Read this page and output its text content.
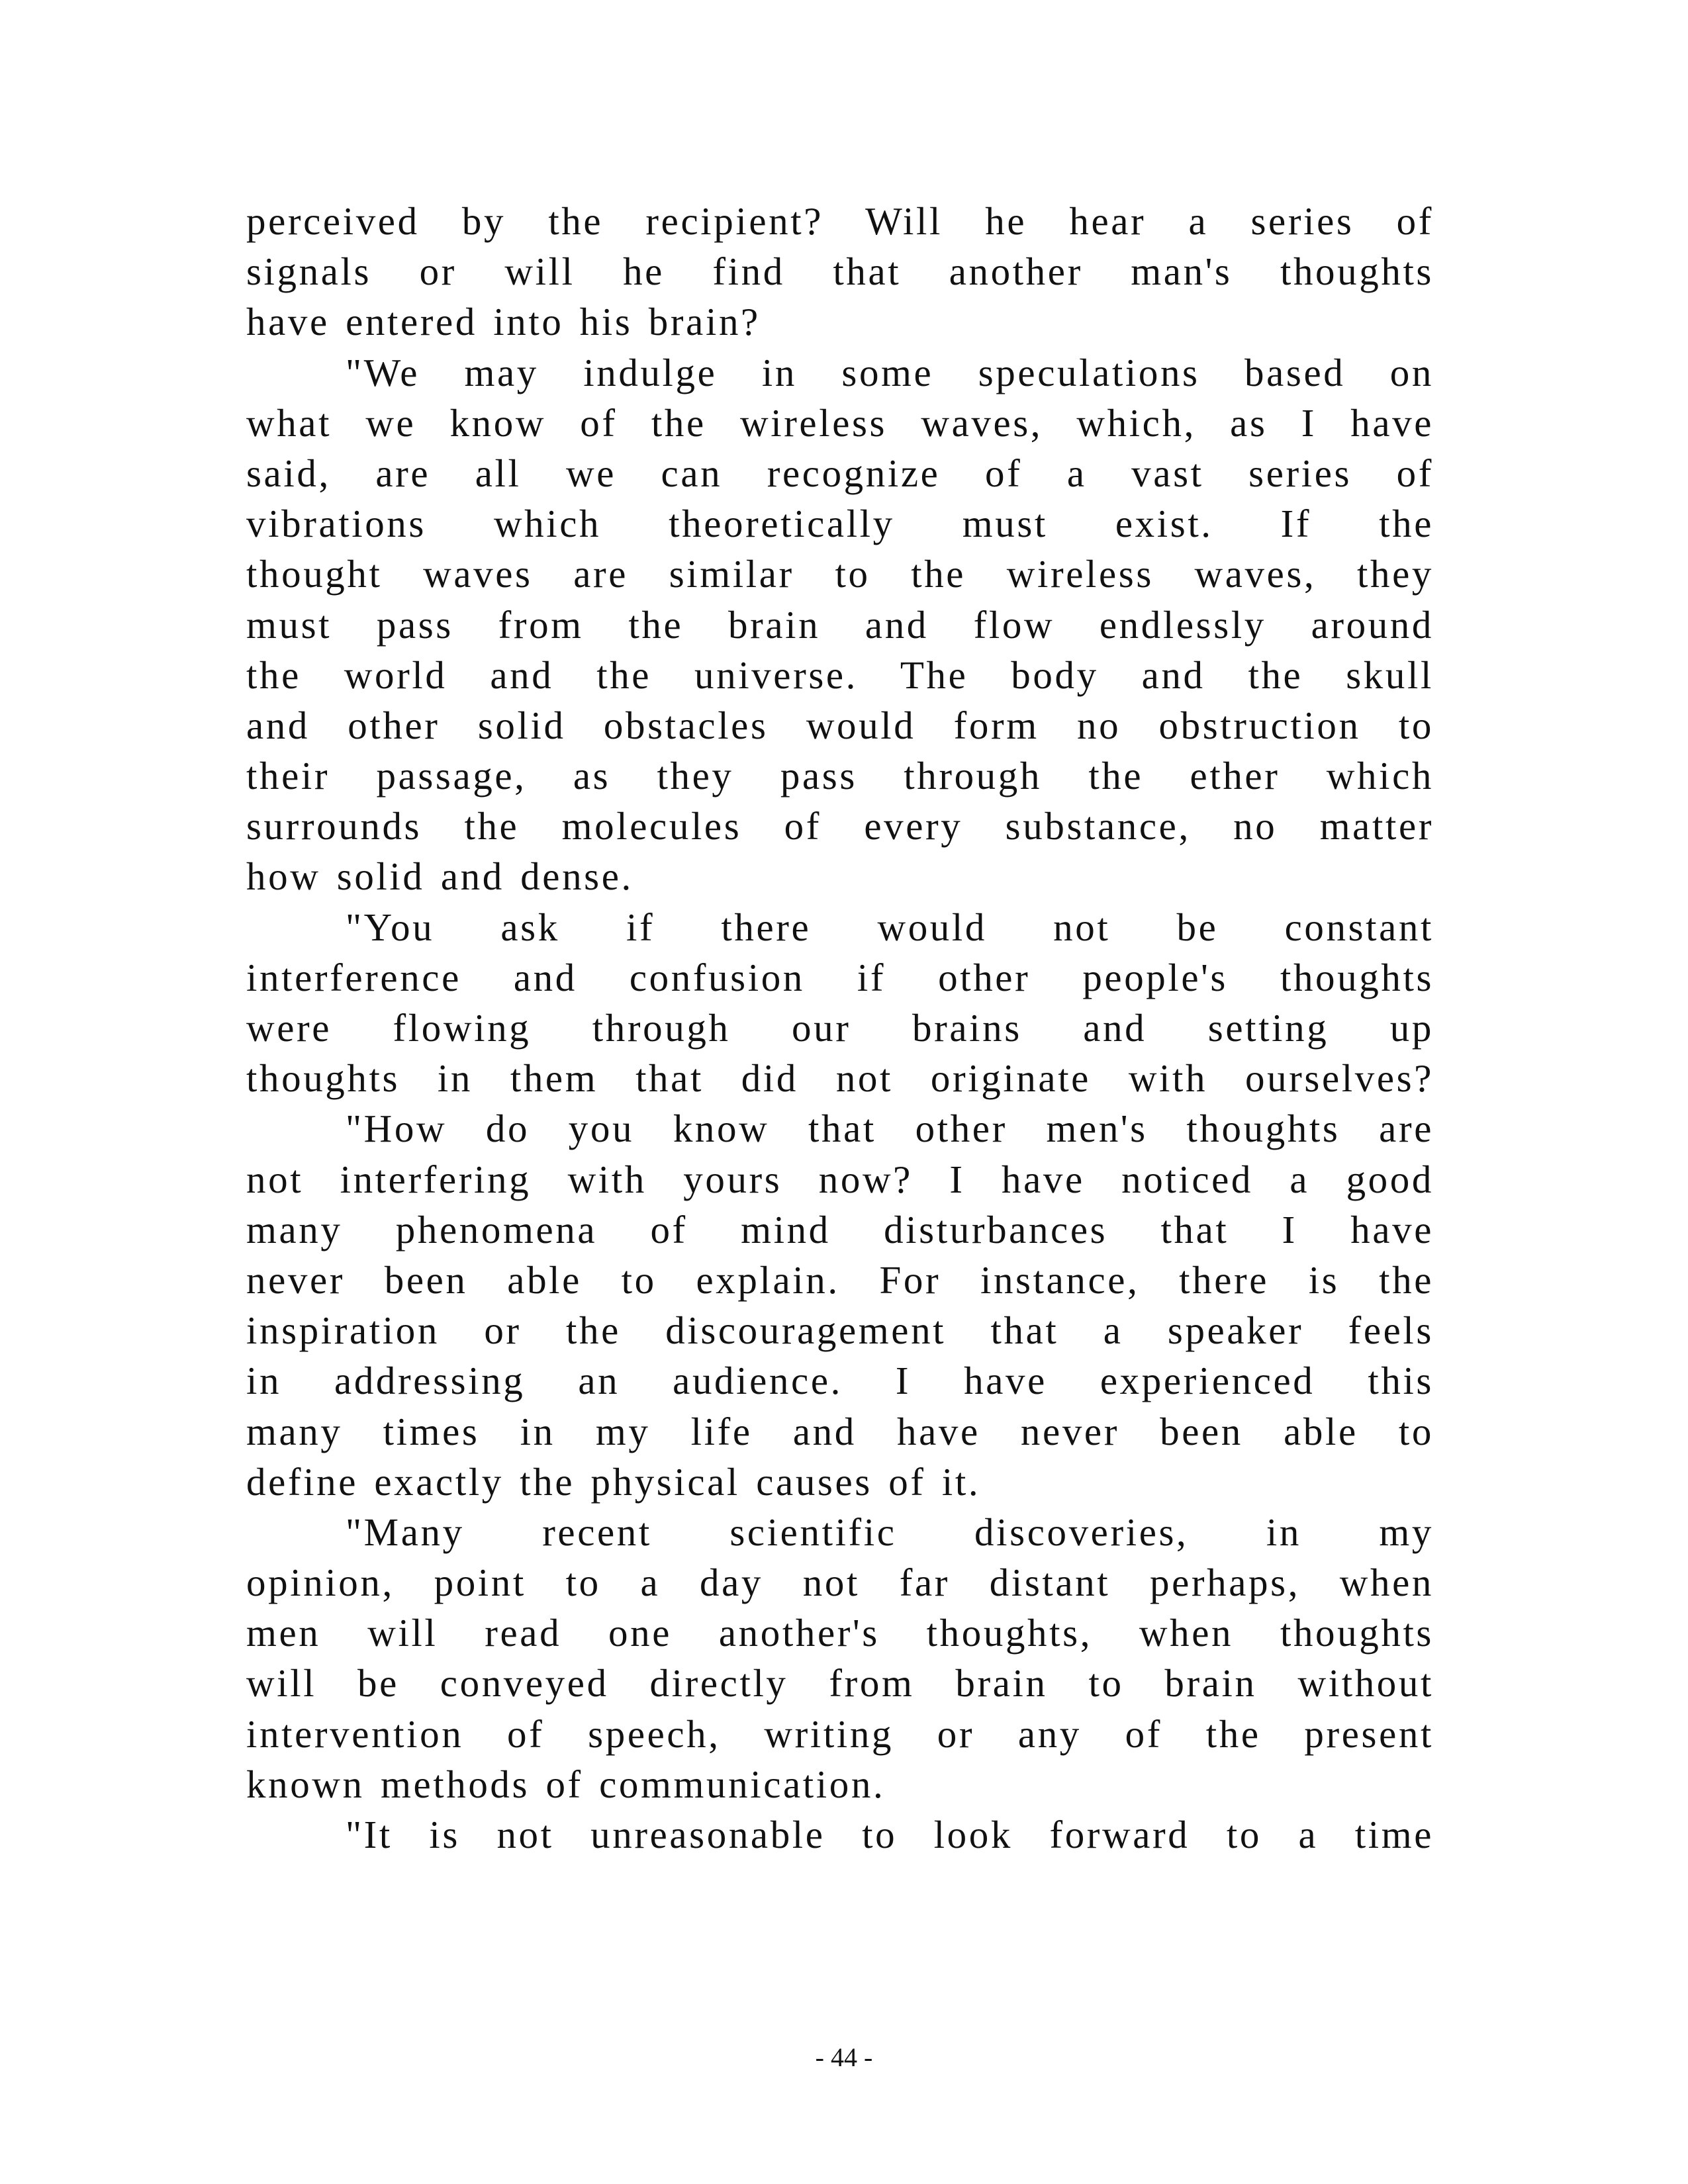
perceived by the recipient? Will he hear a series of
signals or will he find that another man's thoughts
have entered into his brain?
"We may indulge in some speculations based on
what we know of the wireless waves, which, as I have
said, are all we can recognize of a vast series of
vibrations which theoretically must exist. If the
thought waves are similar to the wireless waves, they
must pass from the brain and flow endlessly around
the world and the universe. The body and the skull
and other solid obstacles would form no obstruction to
their passage, as they pass through the ether which
surrounds the molecules of every substance, no matter
how solid and dense.
"You ask if there would not be constant
interference and confusion if other people's thoughts
were flowing through our brains and setting up
thoughts in them that did not originate with ourselves?
"How do you know that other men's thoughts are
not interfering with yours now? I have noticed a good
many phenomena of mind disturbances that I have
never been able to explain. For instance, there is the
inspiration or the discouragement that a speaker feels
in addressing an audience. I have experienced this
many times in my life and have never been able to
define exactly the physical causes of it.
"Many recent scientific discoveries, in my
opinion, point to a day not far distant perhaps, when
men will read one another's thoughts, when thoughts
will be conveyed directly from brain to brain without
intervention of speech, writing or any of the present
known methods of communication.
"It is not unreasonable to look forward to a time
- 44 -
